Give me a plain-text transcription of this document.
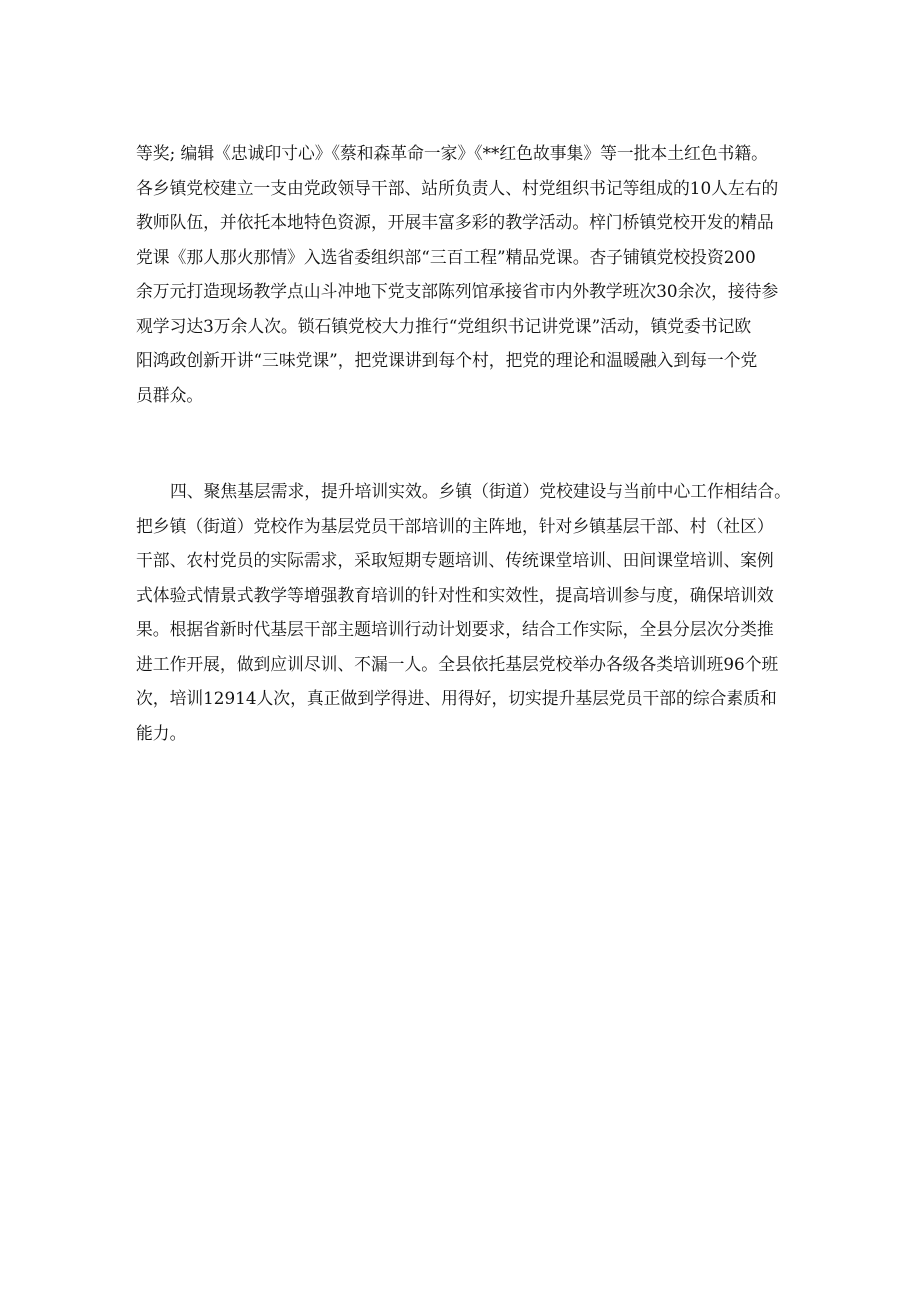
等奖; 编辑《忠诚印寸心》《蔡和森革命一家》《**红色故事集》等一批本土红色书籍。
各乡镇党校建立一支由党政领导干部、站所负责人、村党组织书记等组成的10人左右的
教师队伍，并依托本地特色资源，开展丰富多彩的教学活动。梓门桥镇党校开发的精品
党课《那人那火那情》入选省委组织部“三百工程”精品党课。杏子铺镇党校投资200
余万元打造现场教学点山斗冲地下党支部陈列馆承接省市内外教学班次30余次，接待参
观学习达3万余人次。锁石镇党校大力推行“党组织书记讲党课”活动，镇党委书记欧
阳鸿政创新开讲“三味党课”，把党课讲到每个村，把党的理论和温暖融入到每一个党
员群众。
四、聚焦基层需求，提升培训实效。乡镇（街道）党校建设与当前中心工作相结合。
把乡镇（街道）党校作为基层党员干部培训的主阵地，针对乡镇基层干部、村（社区）
干部、农村党员的实际需求，采取短期专题培训、传统课堂培训、田间课堂培训、案例
式体验式情景式教学等增强教育培训的针对性和实效性，提高培训参与度，确保培训效
果。根据省新时代基层干部主题培训行动计划要求，结合工作实际，全县分层次分类推
进工作开展，做到应训尽训、不漏一人。全县依托基层党校举办各级各类培训班96个班
次，培训12914人次，真正做到学得进、用得好，切实提升基层党员干部的综合素质和
能力。
